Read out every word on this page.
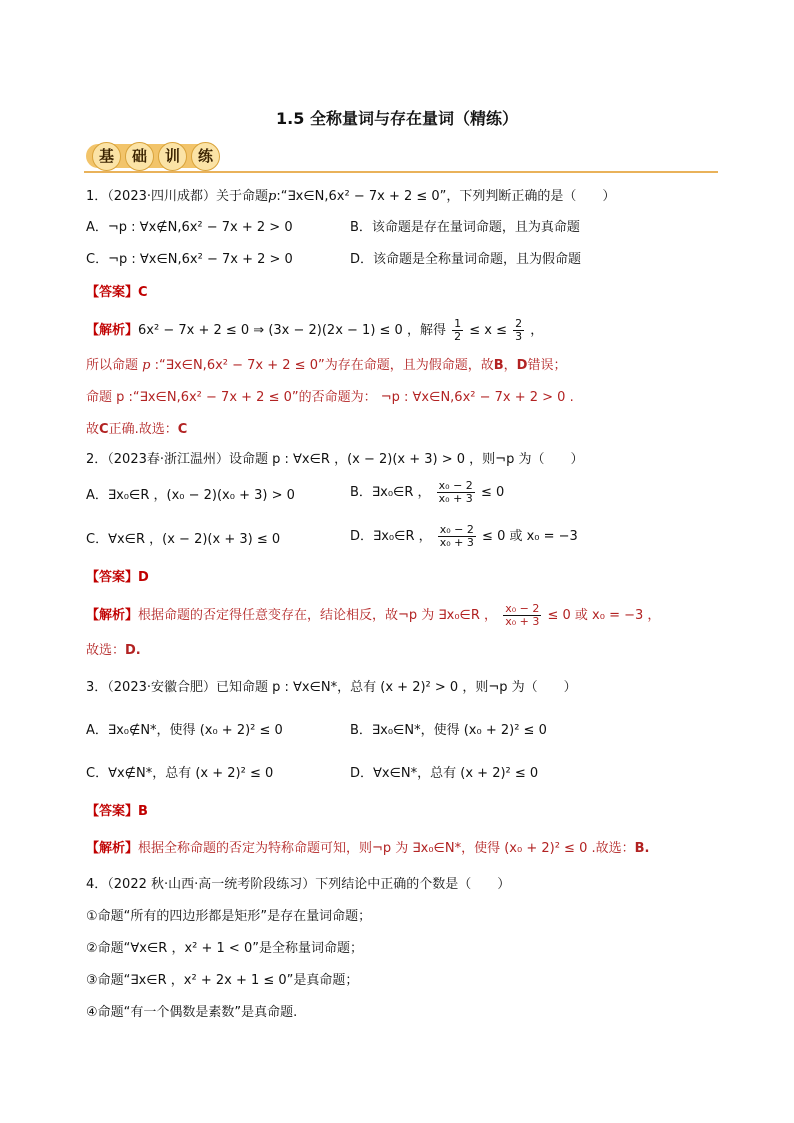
1.5 全称量词与存在量词（精练）
基	础	训	练
1．（2023·四川成都）关于命题p:“∃x∈N,6x² − 7x + 2 ≤ 0”，下列判断正确的是（　　）
A．¬p : ∀x∉N,6x² − 7x + 2 > 0	B．该命题是存在量词命题，且为真命题
C．¬p : ∀x∈N,6x² − 7x + 2 > 0	D．该命题是全称量词命题，且为假命题
【答案】C
【解析】6x² − 7x + 2 ≤ 0 ⇒ (3x − 2)(2x − 1) ≤ 0 ，解得 $\frac{1}{2} \le x \le \frac{2}{3}$ ，
所以命题 p :“∃x∈N,6x² − 7x + 2 ≤ 0”为存在命题，且为假命题，故B，D错误；
命题 p :“∃x∈N,6x² − 7x + 2 ≤ 0”的否命题为： ¬p : ∀x∈N,6x² − 7x + 2 > 0 .
故C正确.故选：C
2．（2023春·浙江温州）设命题 p : ∀x∈R ，(x − 2)(x + 3) > 0 ，则¬p 为（　　）
A．∃x₀∈R ，(x₀ − 2)(x₀ + 3) > 0	B．∃x₀∈R ， $\frac{\text{x₀ − 2}}{\text{x₀ + 3}} \le 0$
C．∀x∈R ，(x − 2)(x + 3) ≤ 0	D．∃x₀∈R ， $\frac{\text{x₀ − 2}}{\text{x₀ + 3}} \le 0$ 或 x₀ = −3
【答案】D
【解析】根据命题的否定得任意变存在，结论相反，故¬p 为 ∃x₀∈R ， $\frac{\text{x₀ − 2}}{\text{x₀ + 3}} \le 0$ 或 x₀ = −3 ，
故选：D.
3．（2023·安徽合肥）已知命题 p : ∀x∈N*，总有 (x + 2)² > 0 ，则¬p 为（　　）
A．∃x₀∉N*，使得 (x₀ + 2)² ≤ 0	B．∃x₀∈N*，使得 (x₀ + 2)² ≤ 0
C．∀x∉N*，总有 (x + 2)² ≤ 0	D．∀x∈N*，总有 (x + 2)² ≤ 0
【答案】B
【解析】根据全称命题的否定为特称命题可知，则¬p 为 ∃x₀∈N*，使得 (x₀ + 2)² ≤ 0 .故选：B.
4．（2022 秋·山西·高一统考阶段练习）下列结论中正确的个数是（　　）
①命题“所有的四边形都是矩形”是存在量词命题；
②命题“∀x∈R ，x² + 1 < 0”是全称量词命题；
③命题“∃x∈R ，x² + 2x + 1 ≤ 0”是真命题；
④命题“有一个偶数是素数”是真命题.
